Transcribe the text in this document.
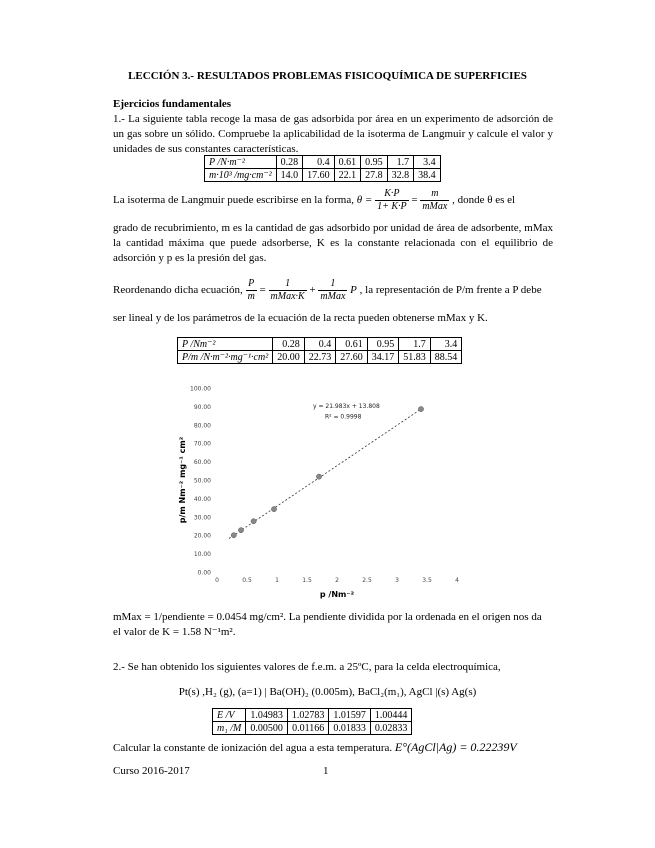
LECCIÓN 3.- RESULTADOS PROBLEMAS FISICOQUÍMICA DE SUPERFICIES
Ejercicios fundamentales
1.- La siguiente tabla recoge la masa de gas adsorbida por área en un experimento de adsorción de un gas sobre un sólido. Compruebe la aplicabilidad de la isoterma de Langmuir y calcule el valor y unidades de sus constantes características.
P /N·m⁻²	0.28	0.4	0.61	0.95	1.7	3.4
m·10³ /mg·cm⁻²	14.0	17.60	22.1	27.8	32.8	38.4
La isoterma de Langmuir puede escribirse en la forma, $\theta = \frac{K\cdot P}{1+ K\cdot P} = \frac{m}{\text{mMax}}$ , donde θ es el
grado de recubrimiento, m es la cantidad de gas adsorbido por unidad de área de adsorbente, mMax la cantidad máxima que puede adsorberse, K es la constante relacionada con el equilibrio de adsorción y p es la presión del gas.
Reordenando dicha ecuación, $\frac{P}{m} = \frac{1}{\text{mMax·K}} + \frac{1}{\text{mMax}}$ P , la representación de P/m frente a P debe
ser lineal y de los parámetros de la ecuación de la recta pueden obtenerse mMax y K.
P /Nm⁻²	0.28	0.4	0.61	0.95	1.7	3.4
P/m /N·m⁻²·mg⁻¹·cm²	20.00	22.73	27.60	34.17	51.83	88.54
0.00
10.00
20.00
30.00
40.00
50.00
60.00
70.00
80.00
90.00
100.00
0	0.5	1	1.5	2	2.5	3	3.5	4
y = 21.983x + 13.808
R² = 0.9998
p /Nm⁻²
p/m Nm⁻² mg⁻¹ cm²
mMax = 1/pendiente = 0.0454 mg/cm². La pendiente dividida por la ordenada en el origen nos da
el valor de K = 1.58 N⁻¹m².
2.- Se han obtenido los siguientes valores de f.e.m. a 25ºC, para la celda electroquímica,
Pt(s) ,H₂ (g), (a=1) | Ba(OH)₂ (0.005m), BaCl₂(m₁), AgCl |(s) Ag(s)
E /V	1.04983	1.02783	1.01597	1.00444
m₁ /M	0.00500	0.01166	0.01833	0.02833
Calcular la constante de ionización del agua a esta temperatura. E°(AgCl|Ag) = 0.22239V
Curso 2016-2017	1
